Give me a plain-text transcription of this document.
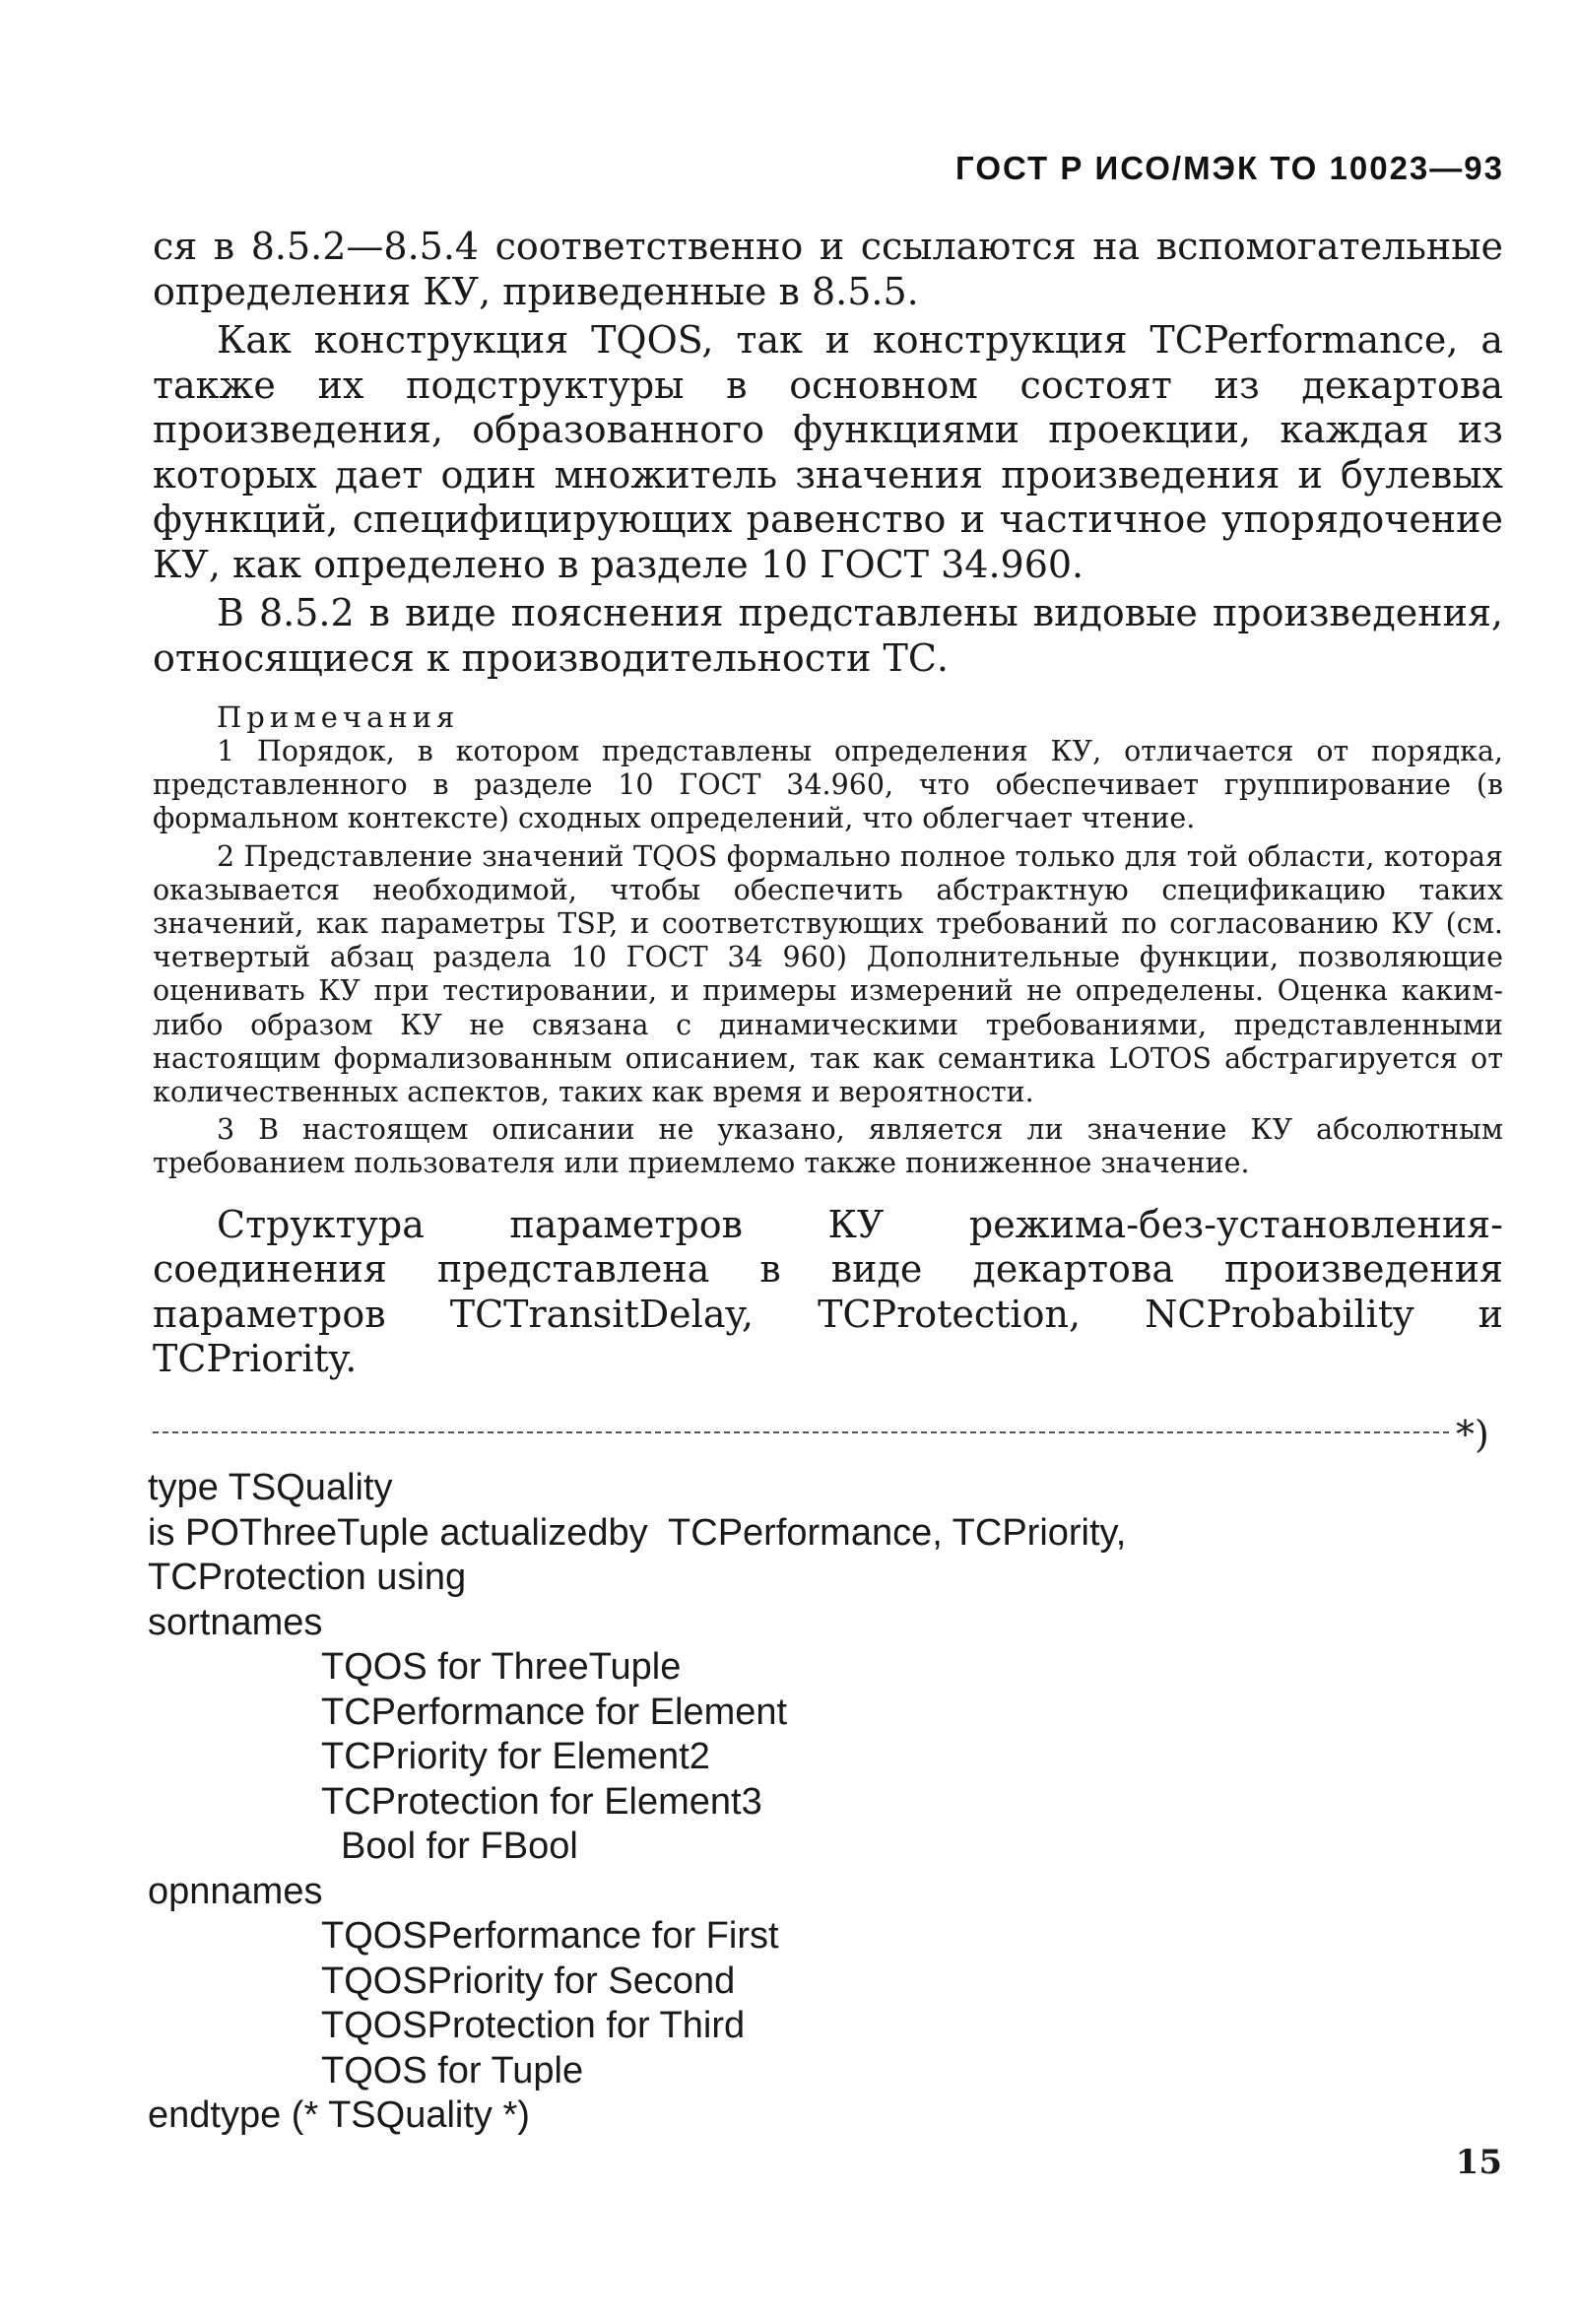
ГОСТ Р ИСО/МЭК ТО 10023—93

ся в 8.5.2—8.5.4 соответственно и ссылаются на вспомогательные определения КУ, приведенные в 8.5.5.

Как конструкция TQOS, так и конструкция TCPerformance, а также их подструктуры в основном состоят из декартова произведения, образованного функциями проекции, каждая из которых дает один множитель значения произведения и булевых функций, специфицирующих равенство и частичное упорядочение КУ, как определено в разделе 10 ГОСТ 34.960.

В 8.5.2 в виде пояснения представлены видовые произведения, относящиеся к производительности ТС.

Примечания

1 Порядок, в котором представлены определения КУ, отличается от порядка, представленного в разделе 10 ГОСТ 34.960, что обеспечивает группирование (в формальном контексте) сходных определений, что облегчает чтение.

2 Представление значений TQOS формально полное только для той области, которая оказывается необходимой, чтобы обеспечить абстрактную спецификацию таких значений, как параметры TSP, и соответствующих требований по согласованию КУ (см. четвертый абзац раздела 10 ГОСТ 34 960) Дополнительные функции, позволяющие оценивать КУ при тестировании, и примеры измерений не определены. Оценка каким-либо образом КУ не связана с динамическими требованиями, представленными настоящим формализованным описанием, так как семантика LOTOS абстрагируется от количественных аспектов, таких как время и вероятности.

3 В настоящем описании не указано, является ли значение КУ абсолютным требованием пользователя или приемлемо также пониженное значение.

Структура параметров КУ режима-без-установления-соединения представлена в виде декартова произведения параметров TCTransitDelay, TCProtection, NCProbability и TCPriority.

*)
type TSQuality
is POThreeTuple actualizedby  TCPerformance, TCPriority,
TCProtection using
sortnames
TQOS for ThreeTuple
TCPerformance for Element
TCPriority for Element2
TCProtection for Element3
Bool for FBool
opnnames
TQOSPerformance for First
TQOSPriority for Second
TQOSProtection for Third
TQOS for Tuple
endtype (* TSQuality *)
15
